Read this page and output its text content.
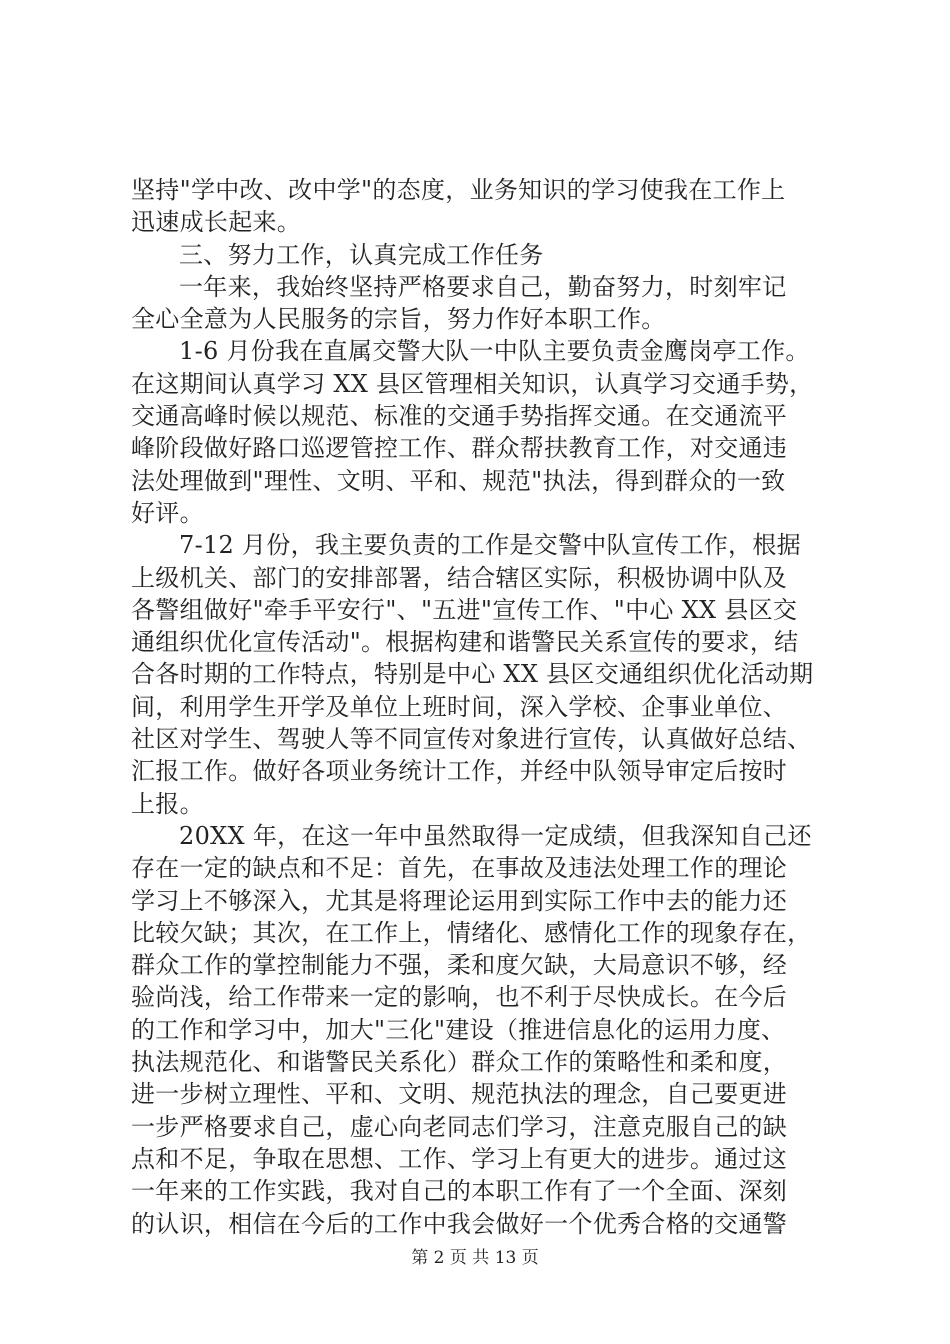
坚持"学中改、改中学"的态度，业务知识的学习使我在工作上
迅速成长起来。
三、努力工作，认真完成工作任务
一年来，我始终坚持严格要求自己，勤奋努力，时刻牢记
全心全意为人民服务的宗旨，努力作好本职工作。
1-6 月份我在直属交警大队一中队主要负责金鹰岗亭工作。
在这期间认真学习 XX 县区管理相关知识，认真学习交通手势，
交通高峰时候以规范、标准的交通手势指挥交通。在交通流平
峰阶段做好路口巡逻管控工作、群众帮扶教育工作，对交通违
法处理做到"理性、文明、平和、规范"执法，得到群众的一致
好评。
7-12 月份，我主要负责的工作是交警中队宣传工作，根据
上级机关、部门的安排部署，结合辖区实际，积极协调中队及
各警组做好"牵手平安行"、"五进"宣传工作、"中心 XX 县区交
通组织优化宣传活动"。根据构建和谐警民关系宣传的要求，结
合各时期的工作特点，特别是中心 XX 县区交通组织优化活动期
间，利用学生开学及单位上班时间，深入学校、企事业单位、
社区对学生、驾驶人等不同宣传对象进行宣传，认真做好总结、
汇报工作。做好各项业务统计工作，并经中队领导审定后按时
上报。
20XX 年，在这一年中虽然取得一定成绩，但我深知自己还
存在一定的缺点和不足：首先，在事故及违法处理工作的理论
学习上不够深入，尤其是将理论运用到实际工作中去的能力还
比较欠缺；其次，在工作上，情绪化、感情化工作的现象存在，
群众工作的掌控制能力不强，柔和度欠缺，大局意识不够，经
验尚浅，给工作带来一定的影响，也不利于尽快成长。在今后
的工作和学习中，加大"三化"建设（推进信息化的运用力度、
执法规范化、和谐警民关系化）群众工作的策略性和柔和度，
进一步树立理性、平和、文明、规范执法的理念，自己要更进
一步严格要求自己，虚心向老同志们学习，注意克服自己的缺
点和不足，争取在思想、工作、学习上有更大的进步。通过这
一年来的工作实践，我对自己的本职工作有了一个全面、深刻
的认识，相信在今后的工作中我会做好一个优秀合格的交通警
第 2 页 共 13 页
